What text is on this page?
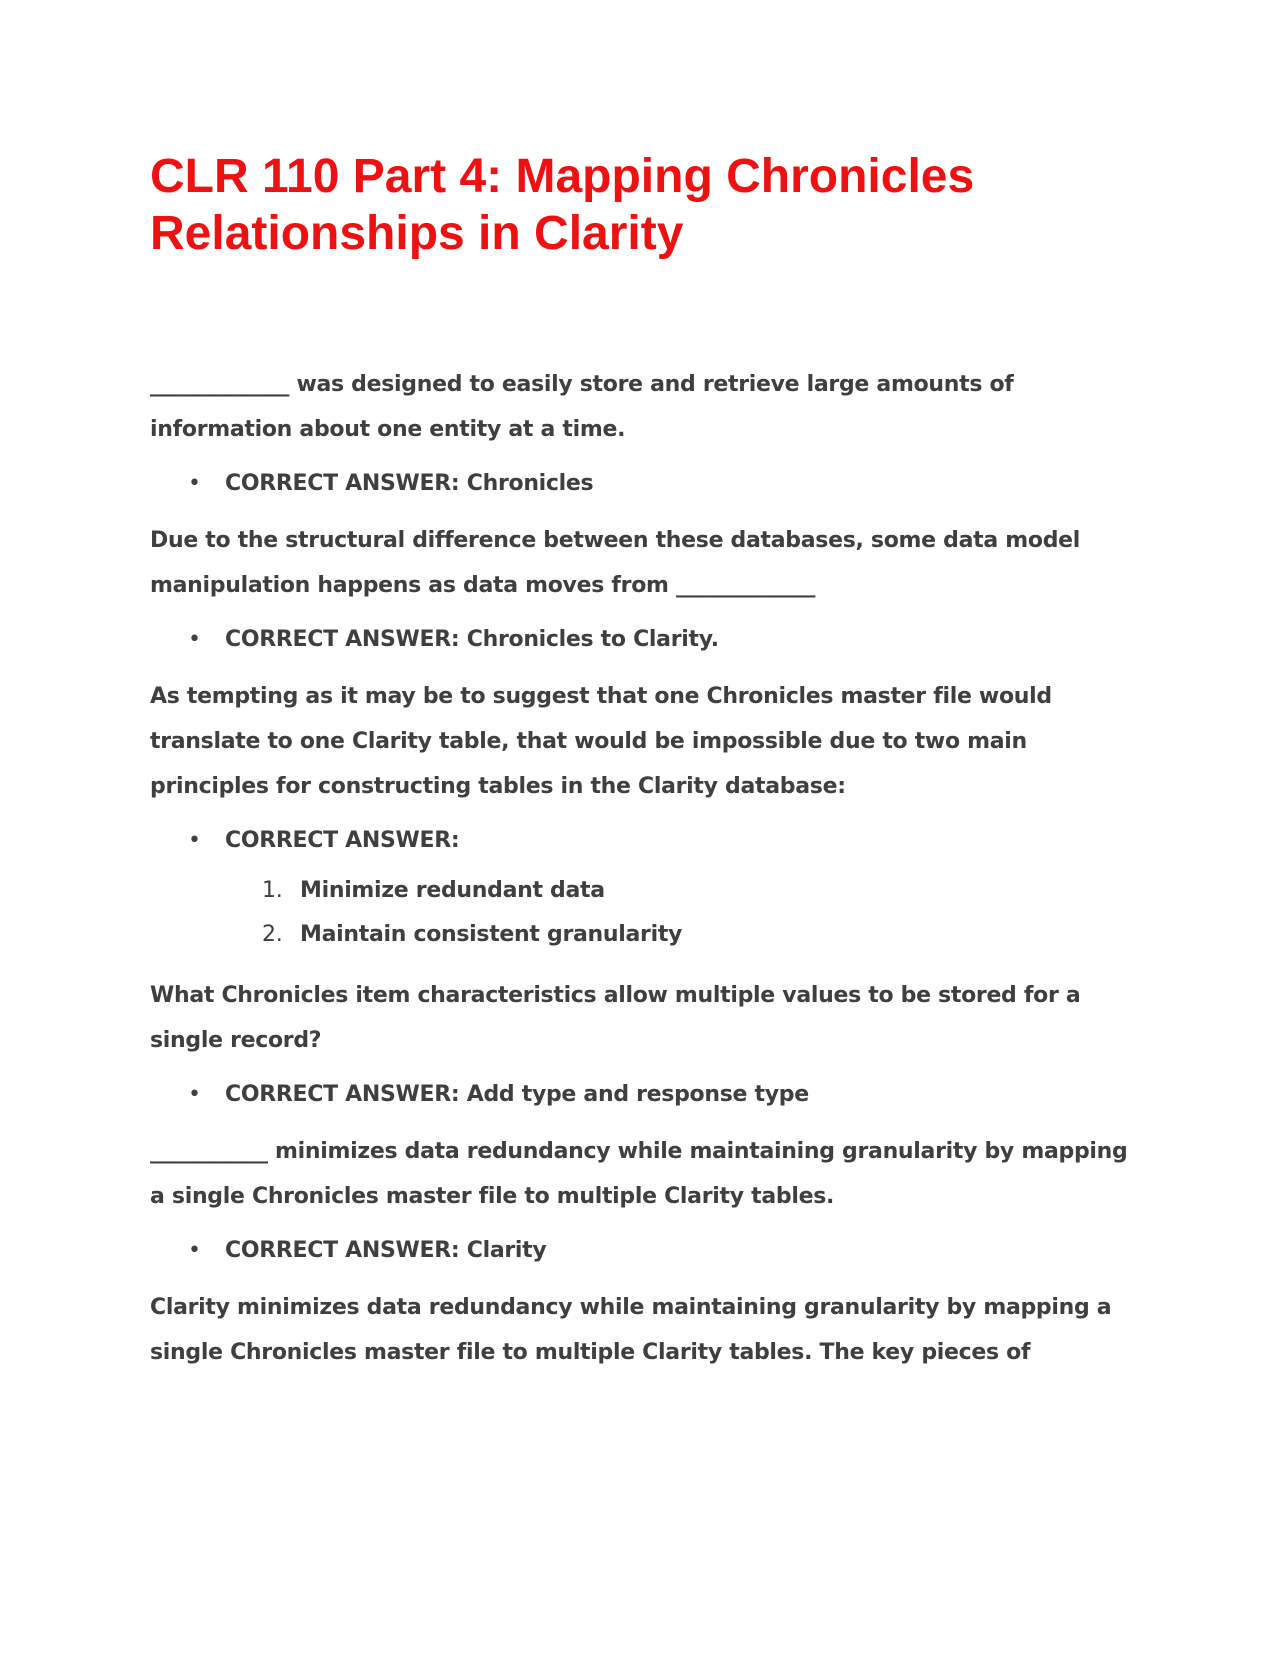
CLR 110 Part 4: Mapping Chronicles
Relationships in Clarity

_____________ was designed to easily store and retrieve large amounts of information about one entity at a time.

• CORRECT ANSWER: Chronicles

Due to the structural difference between these databases, some data model manipulation happens as data moves from _____________

• CORRECT ANSWER: Chronicles to Clarity.

As tempting as it may be to suggest that one Chronicles master file would translate to one Clarity table, that would be impossible due to two main principles for constructing tables in the Clarity database:

• CORRECT ANSWER:
1. Minimize redundant data
2. Maintain consistent granularity

What Chronicles item characteristics allow multiple values to be stored for a single record?

• CORRECT ANSWER: Add type and response type

___________ minimizes data redundancy while maintaining granularity by mapping a single Chronicles master file to multiple Clarity tables.

• CORRECT ANSWER: Clarity

Clarity minimizes data redundancy while maintaining granularity by mapping a single Chronicles master file to multiple Clarity tables. The key pieces of
